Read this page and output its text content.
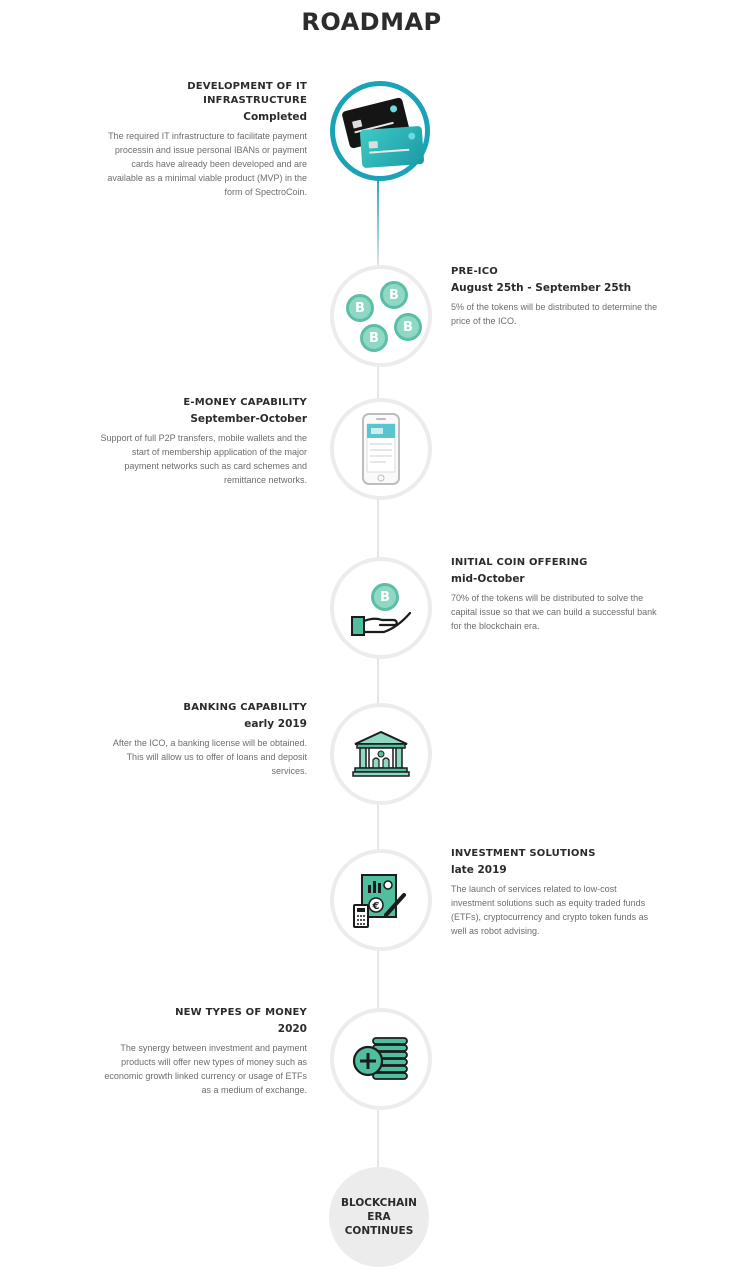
ROADMAP
DEVELOPMENT OF IT INFRASTRUCTURE
Completed

The required IT infrastructure to facilitate payment processin and issue personal IBANs or payment cards have already been developed and are available as a minimal viable product (MVP) in the form of SpectroCoin.

PRE-ICO
August 25th - September 25th

5% of the tokens will be distributed to determine the price of the ICO.

B
B
B
B
E-MONEY CAPABILITY
September-October

Support of full P2P transfers, mobile wallets and the start of membership application of the major payment networks such as card schemes and remittance networks.

INITIAL COIN OFFERING
mid-October

70% of the tokens will be distributed to solve the capital issue so that we can build a successful bank for the blockchain era.

B
BANKING CAPABILITY
early 2019

After the ICO, a banking license will be obtained. This will allow us to offer of loans and deposit services.

INVESTMENT SOLUTIONS
late 2019

The launch of services related to low-cost investment solutions such as equity traded funds (ETFs), cryptocurrency and crypto token funds as well as robot advising.

€
NEW TYPES OF MONEY
2020

The synergy between investment and payment products will offer new types of money such as economic growth linked currency or usage of ETFs as a medium of exchange.

BLOCKCHAIN ERA CONTINUES
